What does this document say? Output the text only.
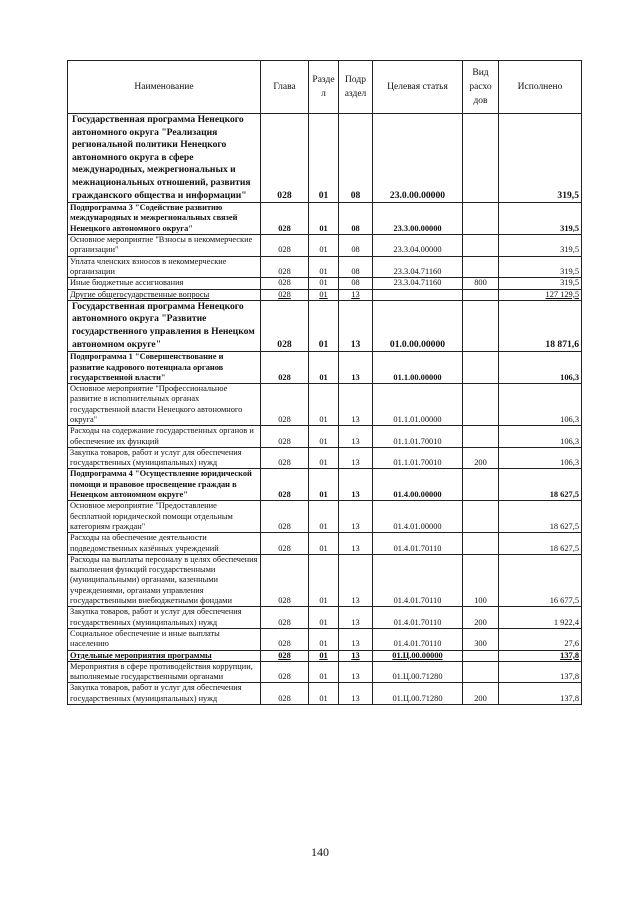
Наименование	Глава	Разде л	Подр аздел	Целевая статья	Вид расхо дов	Исполнено
Государственная программа Ненецкого автономного округа "Реализация региональной политики Ненецкого автономного округа в сфере международных, межрегиональных и межнациональных отношений, развития гражданского общества и информации"	028	01	08	23.0.00.00000		319,5
Подпрограмма 3 "Содействие развитию международных и межрегиональных связей Ненецкого автономного округа"	028	01	08	23.3.00.00000		319,5
Основное мероприятие "Взносы в некоммерческие организации"	028	01	08	23.3.04.00000		319,5
Уплата членских взносов в некоммерческие организации	028	01	08	23.3.04.71160		319,5
Иные бюджетные ассигнования	028	01	08	23.3.04.71160	800	319,5
Другие общегосударственные вопросы	028	01	13			127 129,5
Государственная программа Ненецкого автономного округа "Развитие государственного управления в Ненецком автономном округе"	028	01	13	01.0.00.00000		18 871,6
Подпрограмма 1 "Совершенствование и развитие кадрового потенциала органов государственной власти"	028	01	13	01.1.00.00000		106,3
Основное мероприятие "Профессиональное развитие в исполнительных органах государственной власти Ненецкого автономного округа"	028	01	13	01.1.01.00000		106,3
Расходы на содержание государственных органов и обеспечение их функций	028	01	13	01.1.01.70010		106,3
Закупка товаров, работ и услуг для обеспечения государственных (муниципальных) нужд	028	01	13	01.1.01.70010	200	106,3
Подпрограмма 4 "Осуществление юридической помощи и правовое просвещение граждан в Ненецком автономном округе"	028	01	13	01.4.00.00000		18 627,5
Основное мероприятие "Предоставление бесплатной юридической помощи отдельным категориям граждан"	028	01	13	01.4.01.00000		18 627,5
Расходы на обеспечение деятельности подведомственных казённых учреждений	028	01	13	01.4.01.70110		18 627,5
Расходы на выплаты персоналу в целях обеспечения выполнения функций государственными (муниципальными) органами, казенными учреждениями, органами управления государственными внебюджетными фондами	028	01	13	01.4.01.70110	100	16 677,5
Закупка товаров, работ и услуг для обеспечения государственных (муниципальных) нужд	028	01	13	01.4.01.70110	200	1 922,4
Социальное обеспечение и иные выплаты населению	028	01	13	01.4.01.70110	300	27,6
Отдельные мероприятия программы	028	01	13	01.Ц.00.00000		137,8
Мероприятия в сфере противодействия коррупции, выполняемые государственными органами	028	01	13	01.Ц.00.71280		137,8
Закупка товаров, работ и услуг для обеспечения государственных (муниципальных) нужд	028	01	13	01.Ц.00.71280	200	137,8
140
